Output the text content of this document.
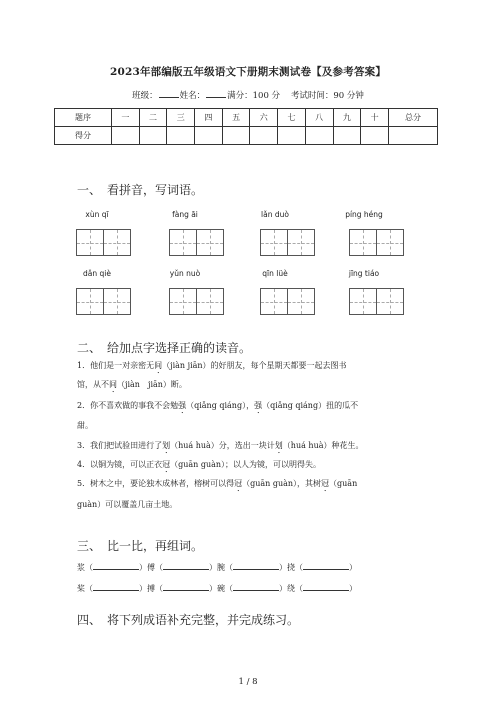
2023年部编版五年级语文下册期末测试卷【及参考答案】
班级：	姓名：	满分：100 分 考试时间：90 分钟
题序	一	二	三	四	五	六	七	八	九	十	总分
得分											
一、　看拼音，写词语。
xùn qī	fàng āi	lǎn duò	píng héng
dǎn qiè	yǔn nuò	qīn lüè	jīng tiáo
二、　给加点字选择正确的读音。
1．他们是一对亲密无间（jiàn jiān）的好朋友，每个星期天都要一起去图书
馆，从不间（jiàn　jiān）断。
2．你不喜欢做的事我不会勉强（qiǎng qiáng），强（qiǎng qiáng）扭的瓜不
甜。
3．我们把试验田进行了划（huá huà）分，选出一块计划（huá huà）种花生。
4．以铜为镜，可以正衣冠（guān guàn）；以人为镜，可以明得失。
5．树木之中，要论独木成林者，榕树可以得冠（guān guàn），其树冠（guān
guàn）可以覆盖几亩土地。
三、　比一比，再组词。
浆（	）傅（	）腕（	）挠（	）
桨（	）搏（	）碗（	）绕（	）
四、　将下列成语补充完整，并完成练习。
1 / 8
